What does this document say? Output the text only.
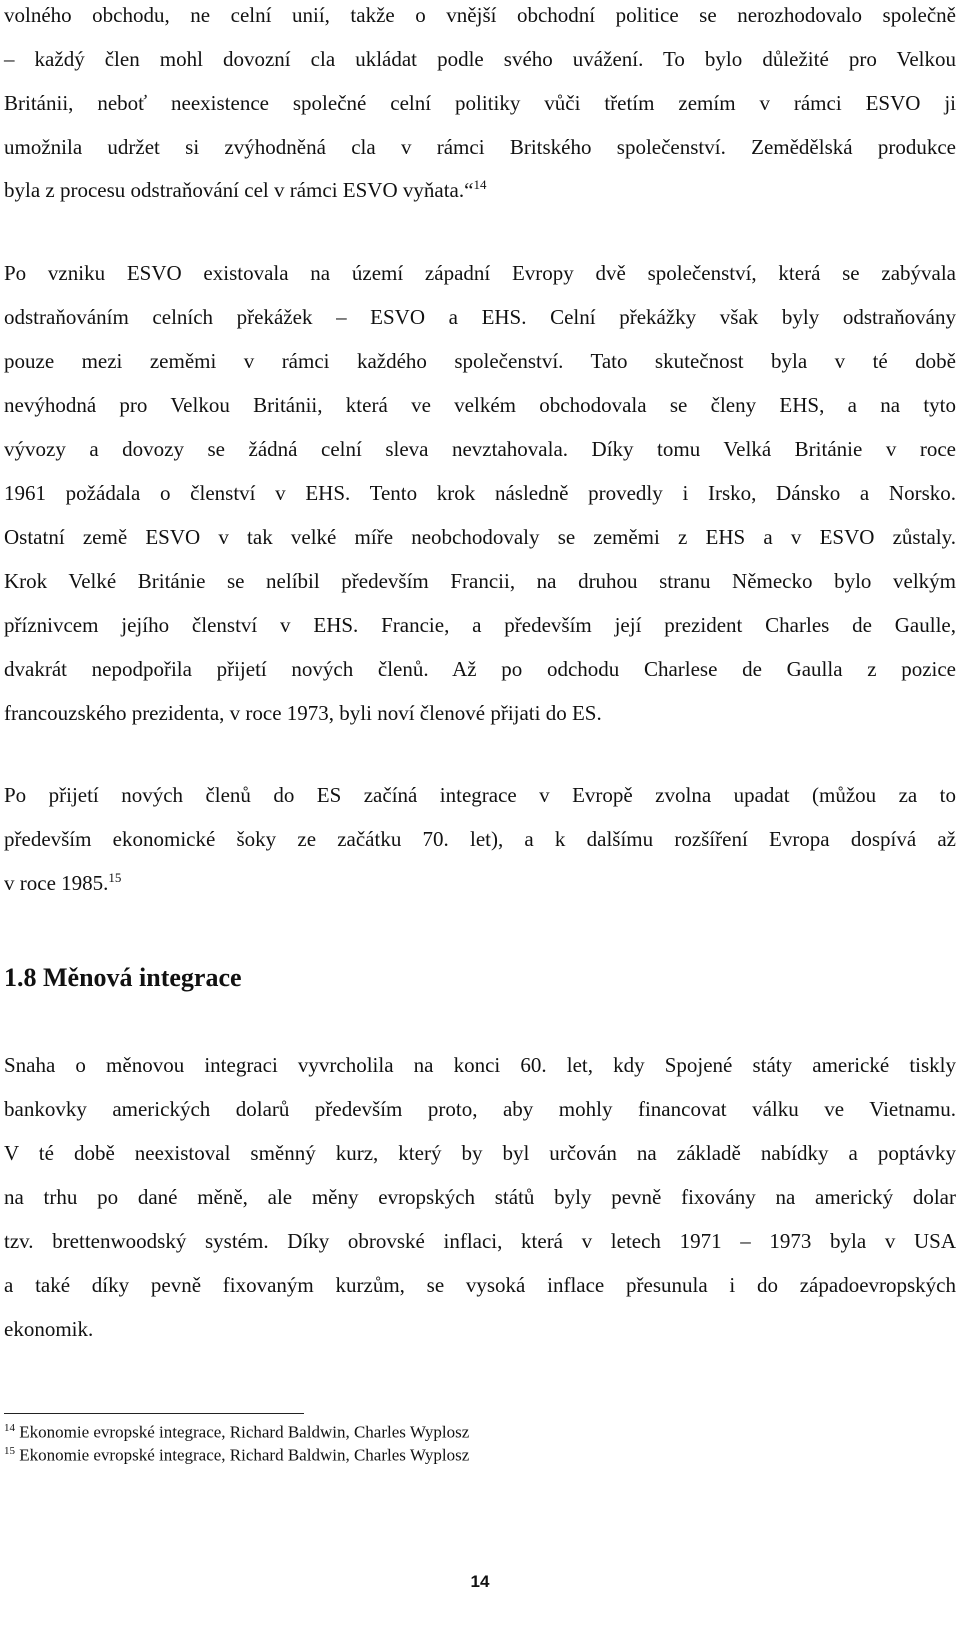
volného obchodu, ne celní unií, takže o vnější obchodní politice se nerozhodovalo společně

– každý člen mohl dovozní cla ukládat podle svého uvážení. To bylo důležité pro Velkou

Británii, neboť neexistence společné celní politiky vůči třetím zemím v rámci ESVO ji

umožnila udržet si zvýhodněná cla v rámci Britského společenství. Zemědělská produkce

byla z procesu odstraňování cel v rámci ESVO vyňata.“$^{14}$

Po vzniku ESVO existovala na území západní Evropy dvě společenství, která se zabývala

odstraňováním celních překážek – ESVO a EHS. Celní překážky však byly odstraňovány

pouze mezi zeměmi v rámci každého společenství. Tato skutečnost byla v té době

nevýhodná pro Velkou Británii, která ve velkém obchodovala se členy EHS, a na tyto

vývozy a dovozy se žádná celní sleva nevztahovala. Díky tomu Velká Británie v roce

1961 požádala o členství v EHS. Tento krok následně provedly i Irsko, Dánsko a Norsko.

Ostatní země ESVO v tak velké míře neobchodovaly se zeměmi z EHS a v ESVO zůstaly.

Krok Velké Británie se nelíbil především Francii, na druhou stranu Německo bylo velkým

příznivcem jejího členství v EHS. Francie, a především její prezident Charles de Gaulle,

dvakrát nepodpořila přijetí nových členů. Až po odchodu Charlese de Gaulla z pozice

francouzského prezidenta, v roce 1973, byli noví členové přijati do ES.

Po přijetí nových členů do ES začíná integrace v Evropě zvolna upadat (můžou za to

především ekonomické šoky ze začátku 70. let), a k dalšímu rozšíření Evropa dospívá až

v roce 1985.15

1.8 Měnová integrace

Snaha o měnovou integraci vyvrcholila na konci 60. let, kdy Spojené státy americké tiskly

bankovky amerických dolarů především proto, aby mohly financovat válku ve Vietnamu.

V té době neexistoval směnný kurz, který by byl určován na základě nabídky a poptávky

na trhu po dané měně, ale měny evropských států byly pevně fixovány na americký dolar

tzv. brettenwoodský systém. Díky obrovské inflaci, která v letech 1971 – 1973 byla v USA

a také díky pevně fixovaným kurzům, se vysoká inflace přesunula i do západoevropských

ekonomik.

$^{14}$ Ekonomie evropské integrace, Richard Baldwin, Charles Wyplosz

$^{15}$ Ekonomie evropské integrace, Richard Baldwin, Charles Wyplosz

14
